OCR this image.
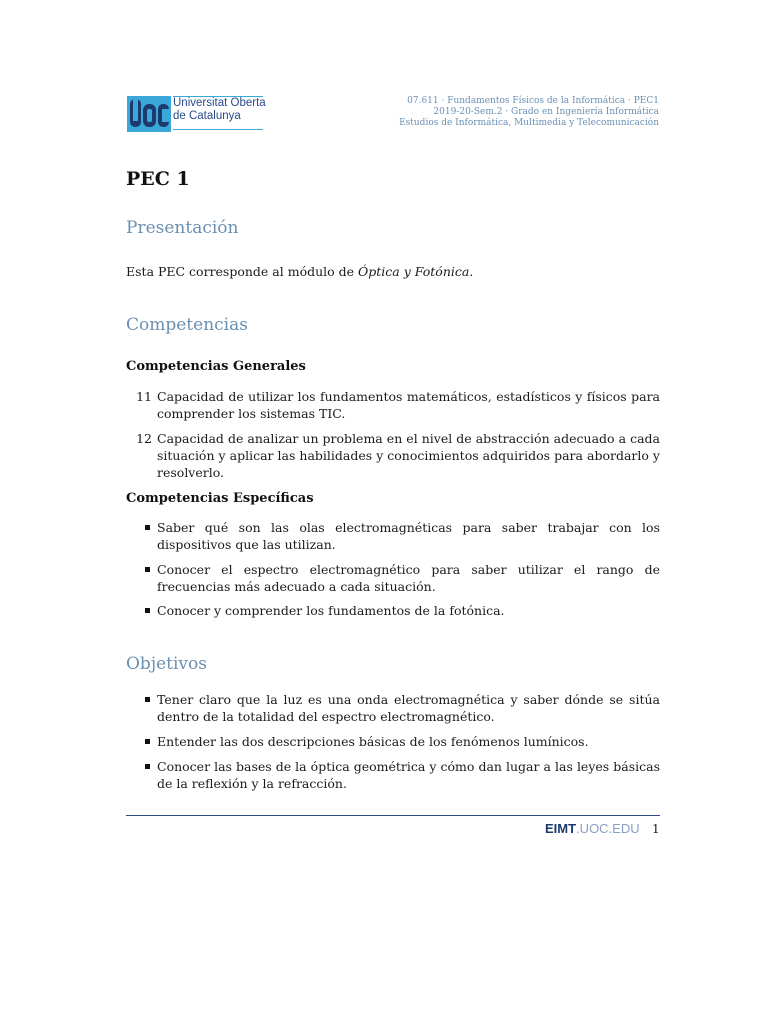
Universitat Oberta
de Catalunya
07.611 · Fundamentos Físicos de la Informática · PEC1
2019-20-Sem.2 · Grado en Ingeniería Informática
Estudios de Informática, Multimedia y Telecomunicación
PEC 1
Presentación
Esta PEC corresponde al módulo de Óptica y Fotónica.
Competencias
Competencias Generales
11 Capacidad de utilizar los fundamentos matemáticos, estadísticos y físicos para comprender los sistemas TIC.
12 Capacidad de analizar un problema en el nivel de abstracción adecuado a cada situación y aplicar las habilidades y conocimientos adquiridos para abordarlo y resolverlo.
Competencias Específicas
Saber qué son las olas electromagnéticas para saber trabajar con los dispositivos que las utilizan.
Conocer el espectro electromagnético para saber utilizar el rango de frecuencias más adecuado a cada situación.
Conocer y comprender los fundamentos de la fotónica.
Objetivos
Tener claro que la luz es una onda electromagnética y saber dónde se sitúa dentro de la totalidad del espectro electromagnético.
Entender las dos descripciones básicas de los fenómenos lumínicos.
Conocer las bases de la óptica geométrica y cómo dan lugar a las leyes básicas de la reflexión y la refracción.
EIMT.UOC.EDU 1
